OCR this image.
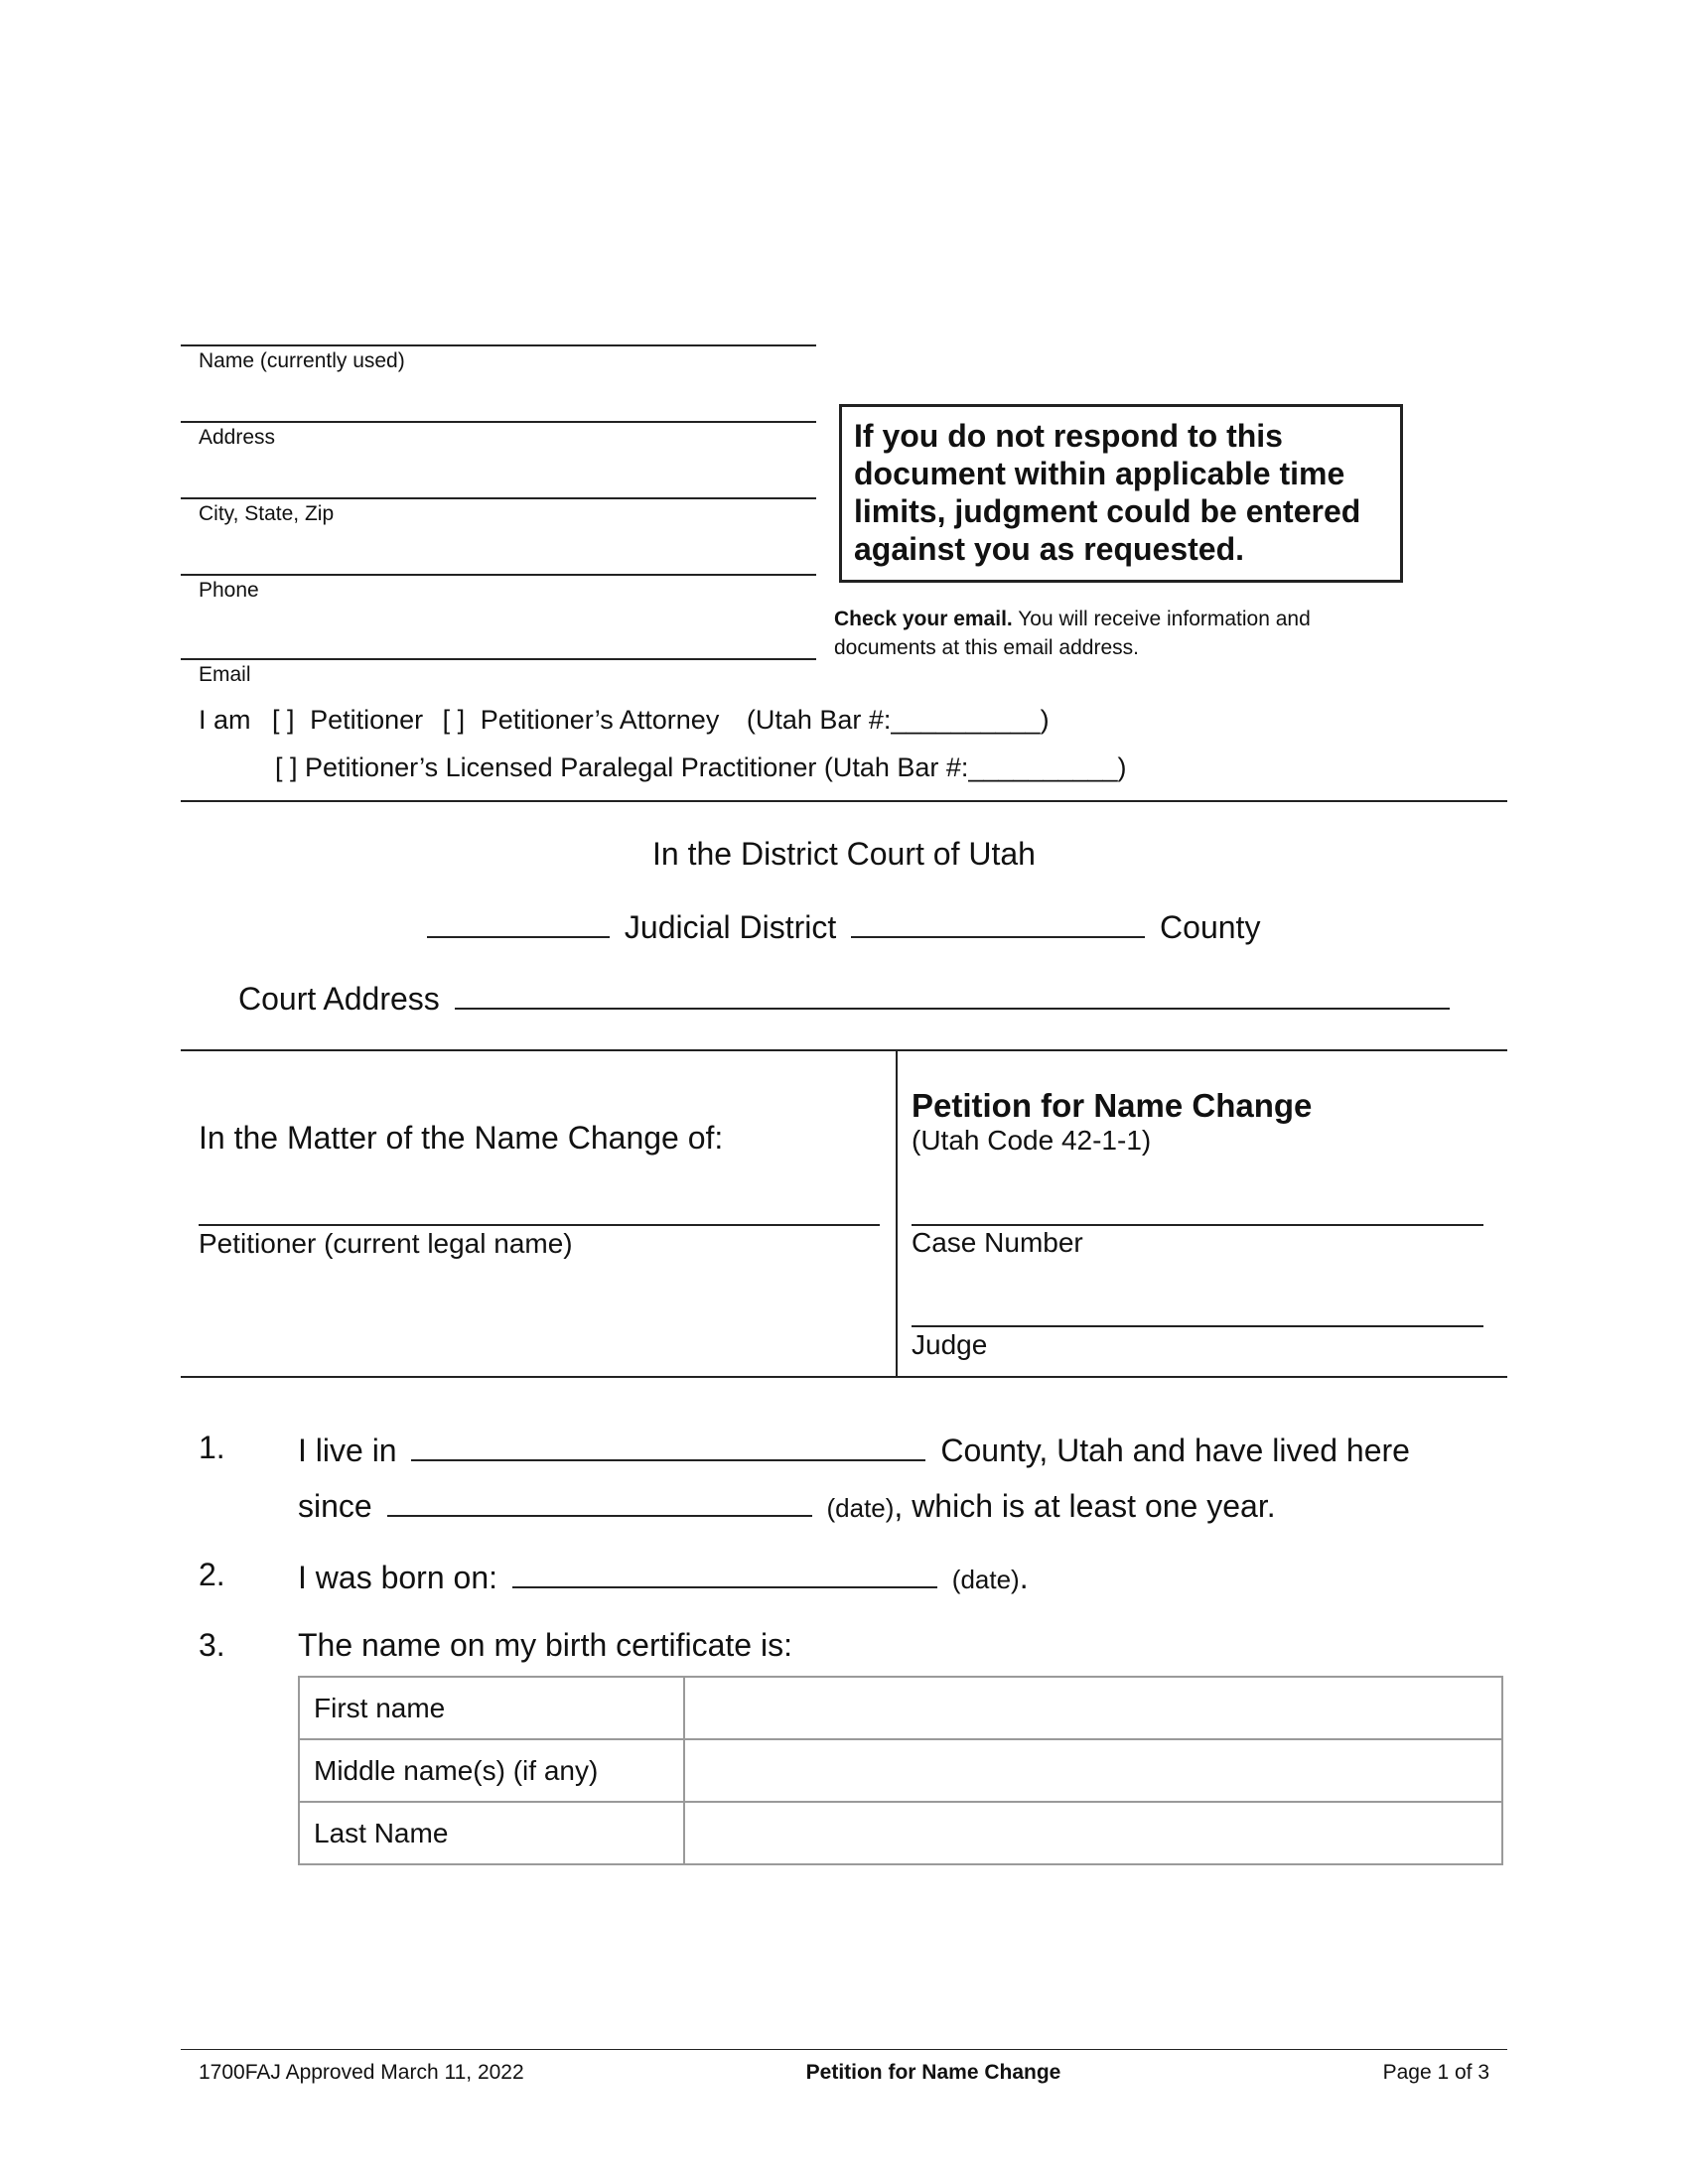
Name (currently used)
Address
City, State, Zip
Phone
Email
If you do not respond to this document within applicable time limits, judgment could be entered against you as requested.
Check your email. You will receive information and
documents at this email address.
I am [ ] Petitioner [ ] Petitioner’s Attorney (Utah Bar #:__________)
[ ] Petitioner’s Licensed Paralegal Practitioner (Utah Bar #:__________)
In the District Court of Utah
Judicial District	County
Court Address
In the Matter of the Name Change of:
Petitioner (current legal name)
Petition for Name Change
(Utah Code 42-1-1)
Case Number
Judge
1. I live in	County, Utah and have lived here
since	(date), which is at least one year.
2. I was born on:	(date).
3. The name on my birth certificate is:
First name	
Middle name(s) (if any)	
Last Name	
1700FAJ Approved March 11, 2022	Petition for Name Change	Page 1 of 3
